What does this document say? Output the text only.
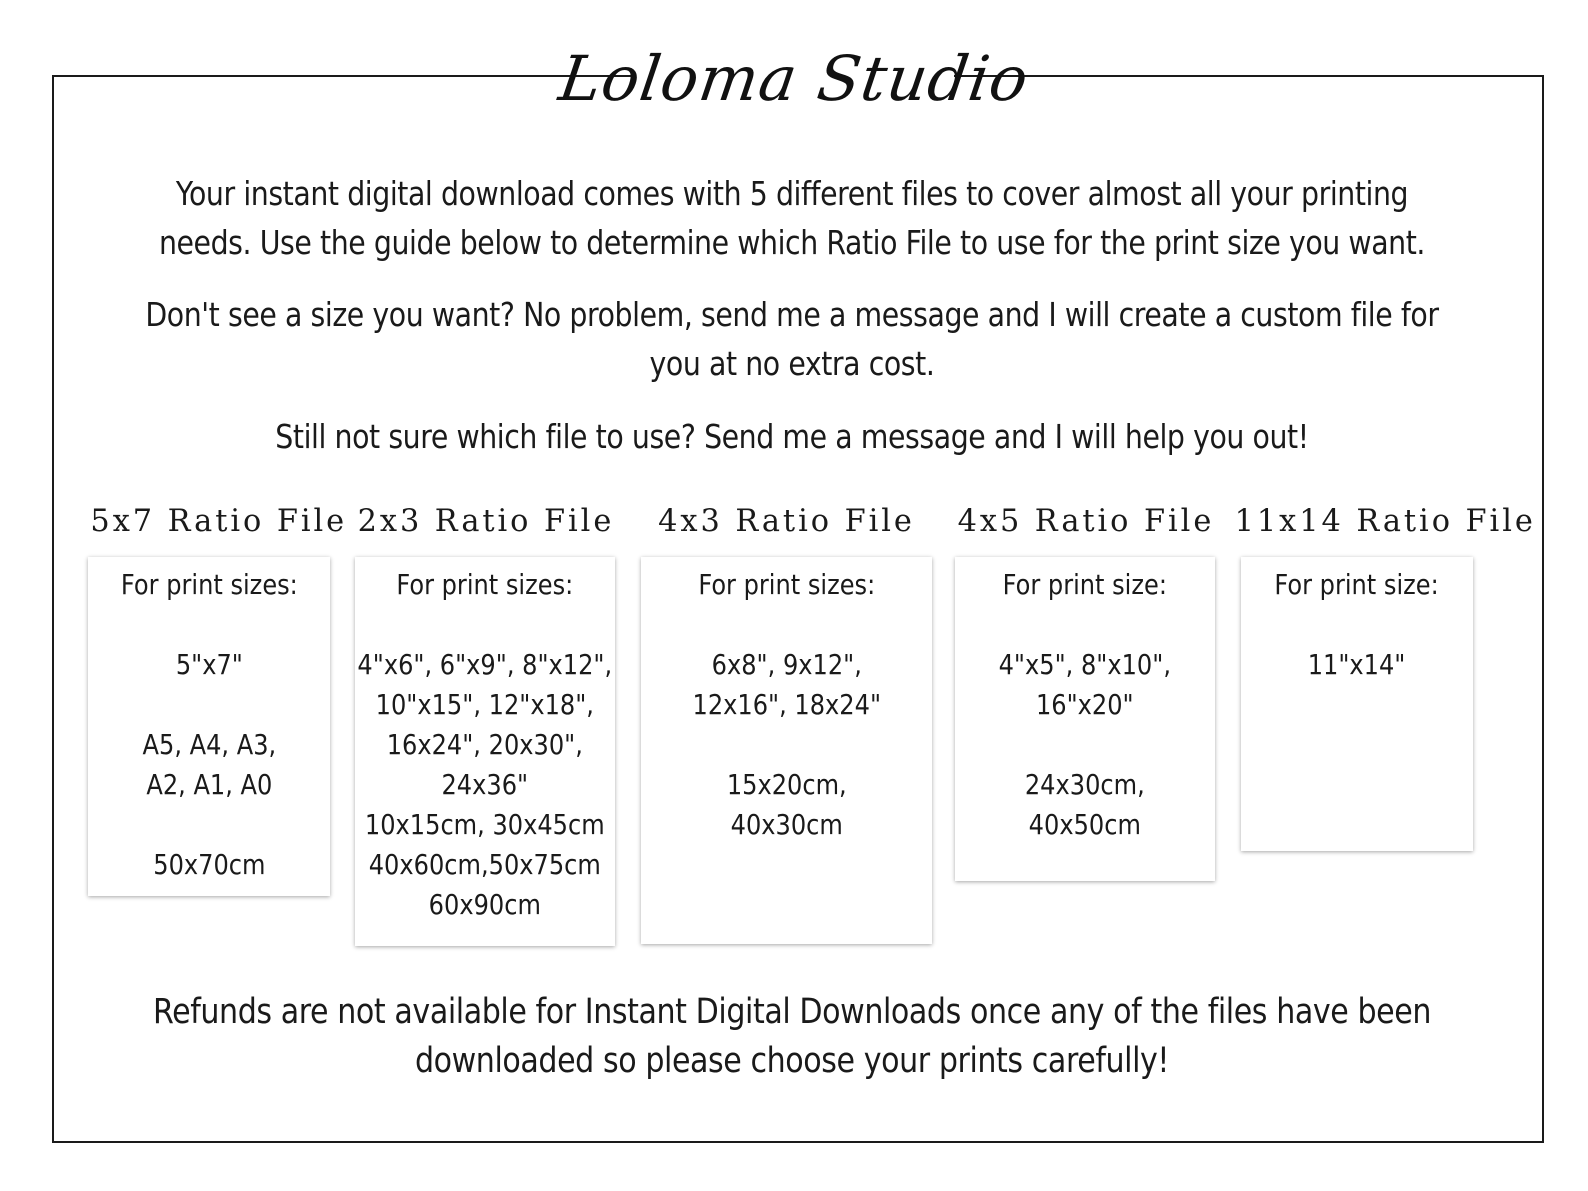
Loloma Studio
Your instant digital download comes with 5 different files to cover almost all your printing
needs. Use the guide below to determine which Ratio File to use for the print size you want.
Don't see a size you want? No problem, send me a message and I will create a custom file for
you at no extra cost.
Still not sure which file to use? Send me a message and I will help you out!
5x7 Ratio File 2x3 Ratio File	4x3 Ratio File	4x5 Ratio File 11x14 Ratio File
For print sizes:
5"x7"
A5, A4, A3,
A2, A1, A0
50x70cm
For print sizes:
4"x6", 6"x9", 8"x12",
10"x15", 12"x18",
16x24", 20x30",
24x36"
10x15cm, 30x45cm
40x60cm,50x75cm
60x90cm
For print sizes:
6x8", 9x12",
12x16", 18x24"
15x20cm,
40x30cm
For print size:
4"x5", 8"x10",
16"x20"
24x30cm,
40x50cm
For print size:
11"x14"
Refunds are not available for Instant Digital Downloads once any of the files have been
downloaded so please choose your prints carefully!
